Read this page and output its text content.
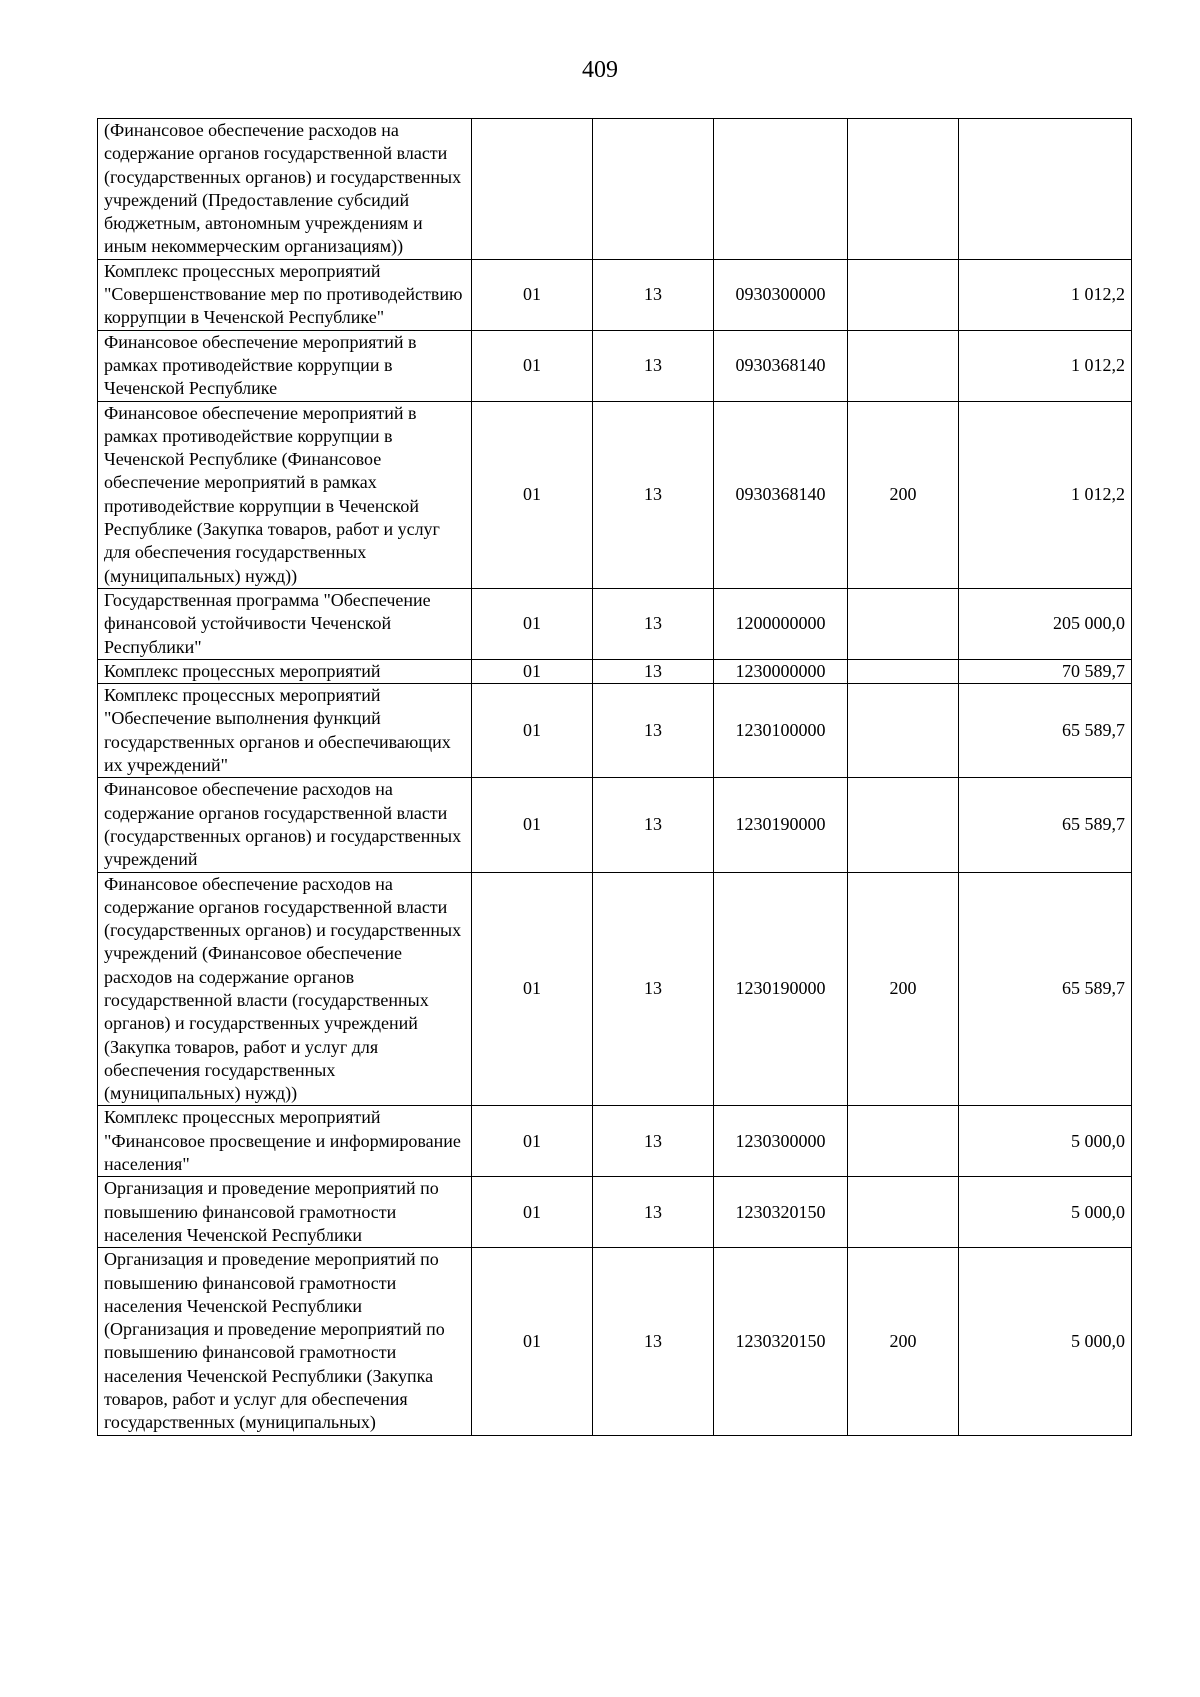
409
(Финансовое обеспечение расходов на содержание органов государственной власти (государственных органов) и государственных учреждений (Предоставление субсидий бюджетным, автономным учреждениям и иным некоммерческим организациям))					
Комплекс процессных мероприятий "Совершенствование мер по противодействию коррупции в Чеченской Республике"	01	13	0930300000		1 012,2
Финансовое обеспечение мероприятий в рамках противодействие коррупции в Чеченской Республике	01	13	0930368140		1 012,2
Финансовое обеспечение мероприятий в рамках противодействие коррупции в Чеченской Республике (Финансовое обеспечение мероприятий в рамках противодействие коррупции в Чеченской Республике (Закупка товаров, работ и услуг для обеспечения государственных (муниципальных) нужд))	01	13	0930368140	200	1 012,2
Государственная программа "Обеспечение финансовой устойчивости Чеченской Республики"	01	13	1200000000		205 000,0
Комплекс процессных мероприятий	01	13	1230000000		70 589,7
Комплекс процессных мероприятий "Обеспечение выполнения функций государственных органов и обеспечивающих их учреждений"	01	13	1230100000		65 589,7
Финансовое обеспечение расходов на содержание органов государственной власти (государственных органов) и государственных учреждений	01	13	1230190000		65 589,7
Финансовое обеспечение расходов на содержание органов государственной власти (государственных органов) и государственных учреждений (Финансовое обеспечение расходов на содержание органов государственной власти (государственных органов) и государственных учреждений (Закупка товаров, работ и услуг для обеспечения государственных (муниципальных) нужд))	01	13	1230190000	200	65 589,7
Комплекс процессных мероприятий "Финансовое просвещение и информирование населения"	01	13	1230300000		5 000,0
Организация и проведение мероприятий по повышению финансовой грамотности населения Чеченской Республики	01	13	1230320150		5 000,0
Организация и проведение мероприятий по повышению финансовой грамотности населения Чеченской Республики (Организация и проведение мероприятий по повышению финансовой грамотности населения Чеченской Республики (Закупка товаров, работ и услуг для обеспечения государственных (муниципальных)	01	13	1230320150	200	5 000,0
